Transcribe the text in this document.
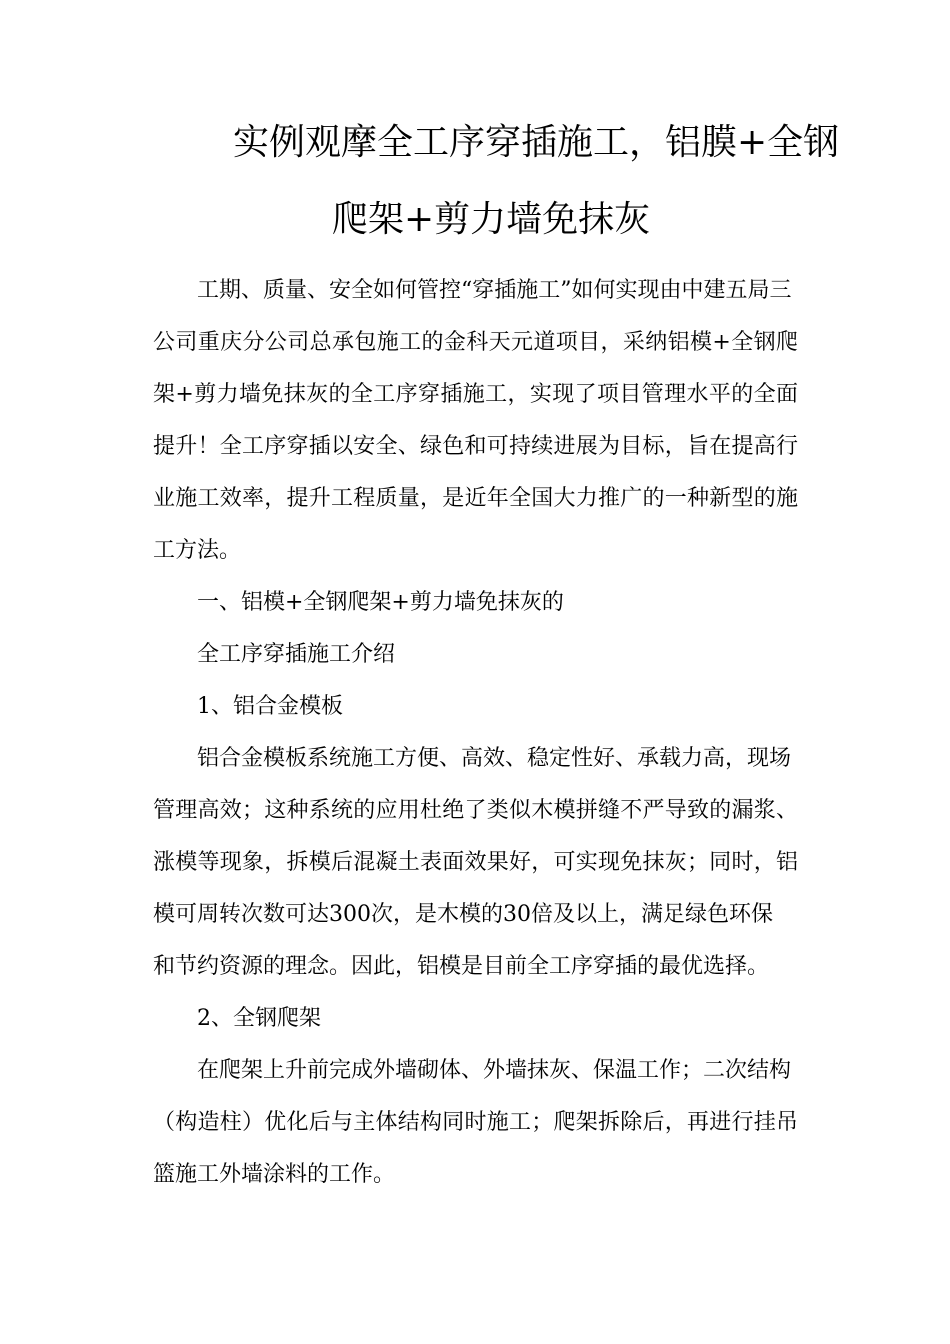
实例观摩全工序穿插施工，铝膜+全钢
爬架+剪力墙免抹灰
工期、质量、安全如何管控“穿插施工”如何实现由中建五局三
公司重庆分公司总承包施工的金科天元道项目，采纳铝模+全钢爬
架+剪力墙免抹灰的全工序穿插施工，实现了项目管理水平的全面
提升！全工序穿插以安全、绿色和可持续进展为目标，旨在提高行
业施工效率，提升工程质量，是近年全国大力推广的一种新型的施
工方法。
一、铝模+全钢爬架+剪力墙免抹灰的
全工序穿插施工介绍
1、铝合金模板
铝合金模板系统施工方便、高效、稳定性好、承载力高，现场
管理高效；这种系统的应用杜绝了类似木模拼缝不严导致的漏浆、
涨模等现象，拆模后混凝土表面效果好，可实现免抹灰；同时，铝
模可周转次数可达300次，是木模的30倍及以上，满足绿色环保
和节约资源的理念。因此，铝模是目前全工序穿插的最优选择。
2、全钢爬架
在爬架上升前完成外墙砌体、外墙抹灰、保温工作；二次结构
（构造柱）优化后与主体结构同时施工；爬架拆除后，再进行挂吊
篮施工外墙涂料的工作。
